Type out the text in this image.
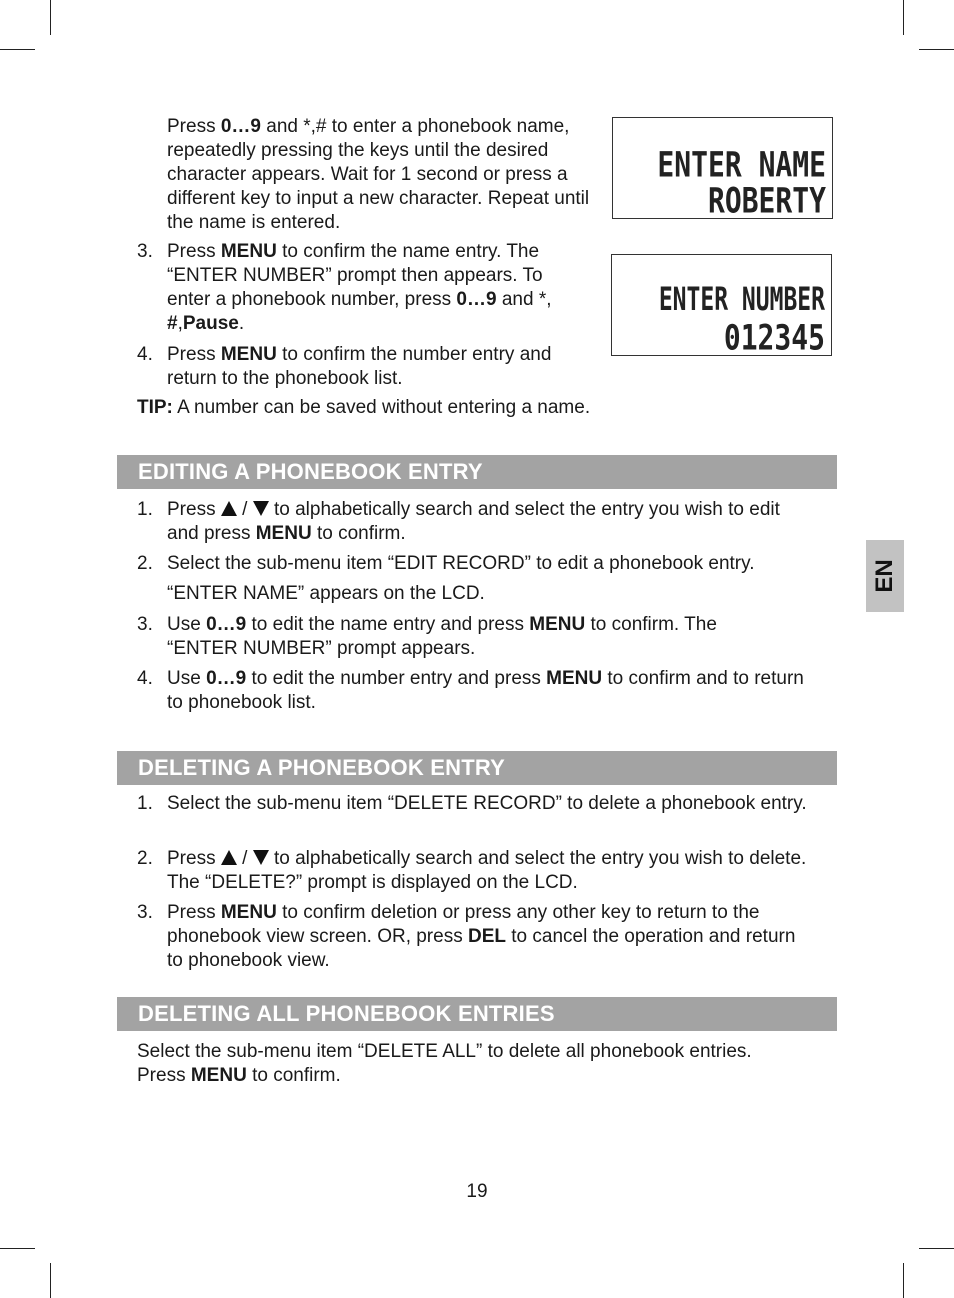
Press 0…9 and *,# to enter a phonebook name, repeatedly pressing the keys until the desired character appears. Wait for 1 second or press a different key to input a new character. Repeat until the name is entered.
3. Press MENU to confirm the name entry. The “ENTER NUMBER” prompt then appears. To enter a phonebook number, press 0…9 and *, #,Pause.
4. Press MENU to confirm the number entry and return to the phonebook list.
TIP: A number can be saved without entering a name.
ENTER NAME
ROBERTY
ENTER NUMBER
012345
EDITING A PHONEBOOK ENTRY
1. Press  /  to alphabetically search and select the entry you wish to edit and press MENU to confirm.
2. Select the sub-menu item “EDIT RECORD” to edit a phonebook entry.
“ENTER NAME” appears on the LCD.
3. Use 0…9 to edit the name entry and press MENU to confirm. The “ENTER NUMBER” prompt appears.
4. Use 0…9 to edit the number entry and press MENU to confirm and to return to phonebook list.
DELETING A PHONEBOOK ENTRY
1. Select the sub-menu item “DELETE RECORD” to delete a phonebook entry.
2. Press  /  to alphabetically search and select the entry you wish to delete. The “DELETE?” prompt is displayed on the LCD.
3. Press MENU to confirm deletion or press any other key to return to the phonebook view screen. OR, press DEL to cancel the operation and return to phonebook view.
DELETING ALL PHONEBOOK ENTRIES
Select the sub-menu item “DELETE ALL” to delete all phonebook entries.
Press MENU to confirm.
EN
19
